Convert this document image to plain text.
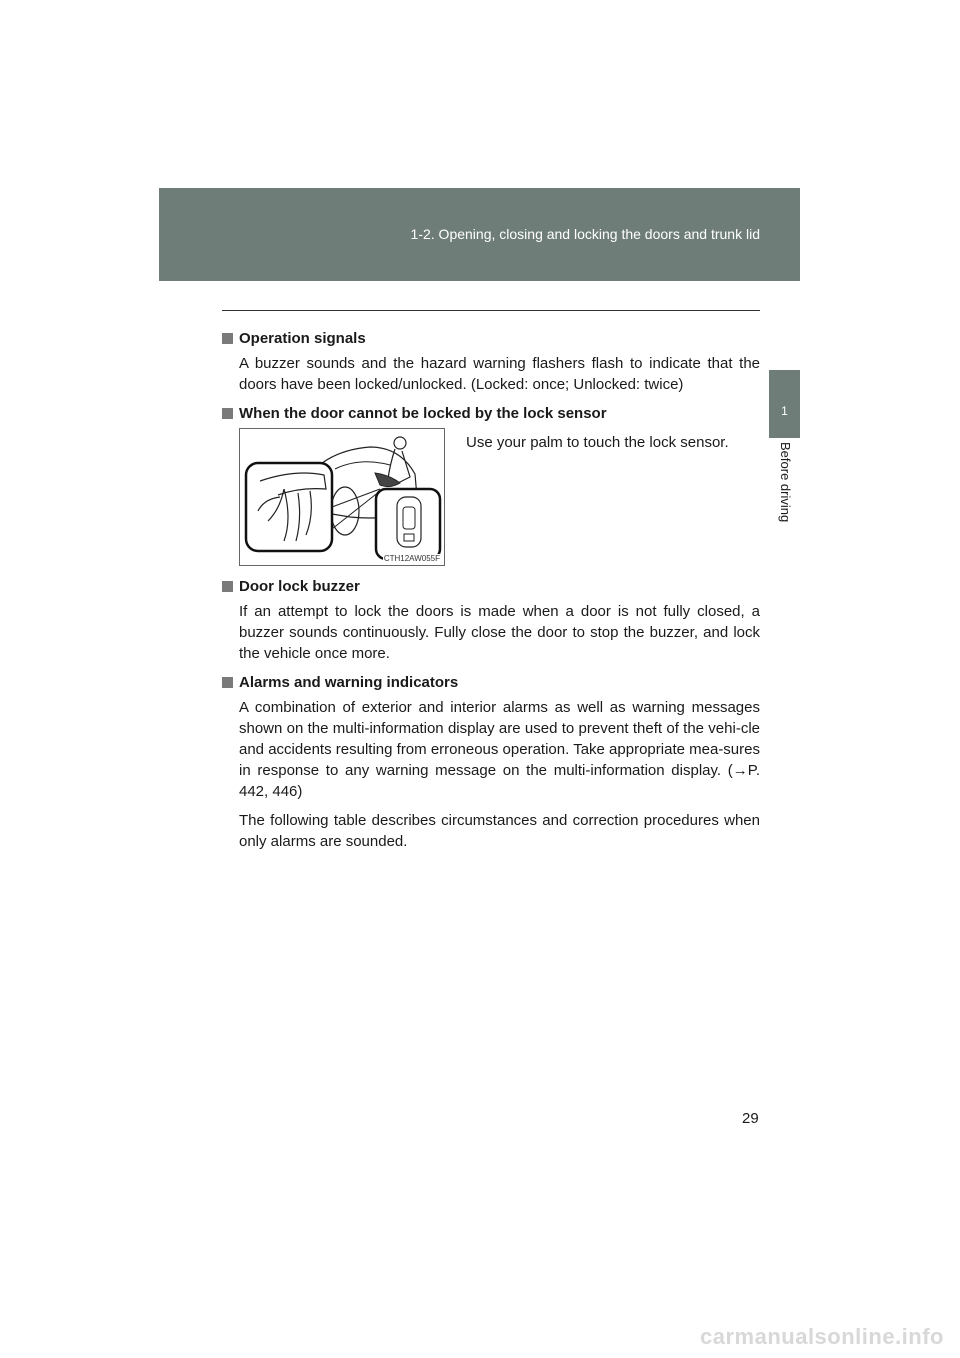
1-2. Opening, closing and locking the doors and trunk lid
1
Before driving
Operation signals

A buzzer sounds and the hazard warning flashers flash to indicate that the doors have been locked/unlocked. (Locked: once; Unlocked: twice)

When the door cannot be locked by the lock sensor
CTH12AW055F
Use your palm to touch the lock sensor.
Door lock buzzer

If an attempt to lock the doors is made when a door is not fully closed, a buzzer sounds continuously. Fully close the door to stop the buzzer, and lock the vehicle once more.

Alarms and warning indicators

A combination of exterior and interior alarms as well as warning messages shown on the multi-information display are used to prevent theft of the vehi-cle and accidents resulting from erroneous operation. Take appropriate mea-sures in response to any warning message on the multi-information display. (→P. 442, 446)

The following table describes circumstances and correction procedures when only alarms are sounded.

29
carmanualsonline.info
